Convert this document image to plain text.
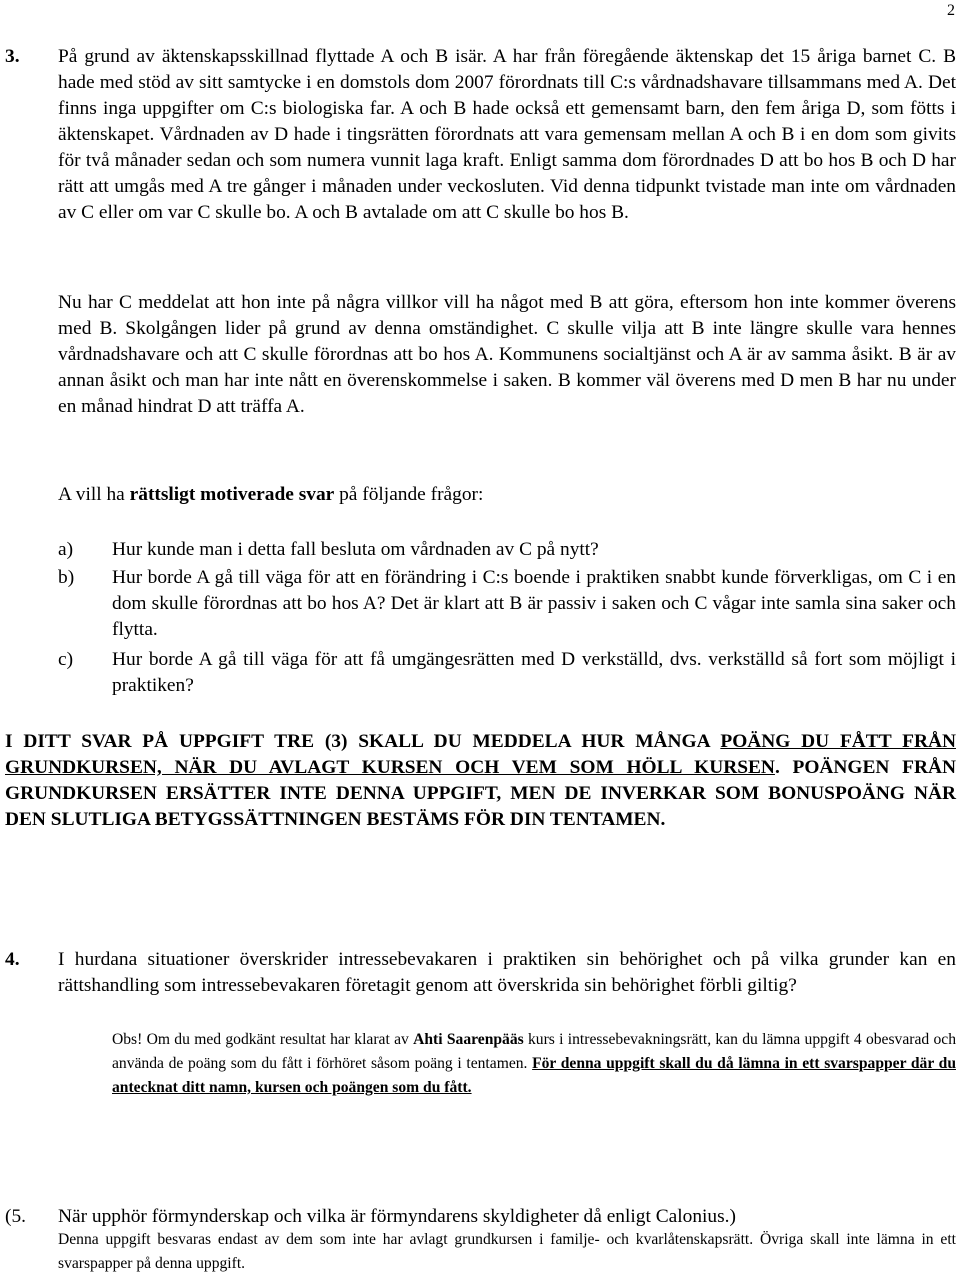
2
3. På grund av äktenskapsskillnad flyttade A och B isär. A har från föregående äktenskap det 15 åriga barnet C. B hade med stöd av sitt samtycke i en domstols dom 2007 förordnats till C:s vårdnadshavare tillsammans med A. Det finns inga uppgifter om C:s biologiska far. A och B hade också ett gemensamt barn, den fem åriga D, som fötts i äktenskapet. Vårdnaden av D hade i tingsrätten förordnats att vara gemensam mellan A och B i en dom som givits för två månader sedan och som numera vunnit laga kraft. Enligt samma dom förordnades D att bo hos B och D har rätt att umgås med A tre gånger i månaden under veckosluten. Vid denna tidpunkt tvistade man inte om vårdnaden av C eller om var C skulle bo. A och B avtalade om att C skulle bo hos B.

Nu har C meddelat att hon inte på några villkor vill ha något med B att göra, eftersom hon inte kommer överens med B. Skolgången lider på grund av denna omständighet. C skulle vilja att B inte längre skulle vara hennes vårdnadshavare och att C skulle förordnas att bo hos A. Kommunens socialtjänst och A är av samma åsikt. B är av annan åsikt och man har inte nått en överenskommelse i saken. B kommer väl överens med D men B har nu under en månad hindrat D att träffa A.

A vill ha rättsligt motiverade svar på följande frågor:

a) Hur kunde man i detta fall besluta om vårdnaden av C på nytt?

b) Hur borde A gå till väga för att en förändring i C:s boende i praktiken snabbt kunde förverkligas, om C i en dom skulle förordnas att bo hos A? Det är klart att B är passiv i saken och C vågar inte samla sina saker och flytta.

c) Hur borde A gå till väga för att få umgängesrätten med D verkställd, dvs. verkställd så fort som möjligt i praktiken?

I DITT SVAR PÅ UPPGIFT TRE (3) SKALL DU MEDDELA HUR MÅNGA POÄNG DU FÅTT FRÅN GRUNDKURSEN, NÄR DU AVLAGT KURSEN OCH VEM SOM HÖLL KURSEN. POÄNGEN FRÅN GRUNDKURSEN ERSÄTTER INTE DENNA UPPGIFT, MEN DE INVERKAR SOM BONUSPOÄNG NÄR DEN SLUTLIGA BETYGSSÄTTNINGEN BESTÄMS FÖR DIN TENTAMEN.

4. I hurdana situationer överskrider intressebevakaren i praktiken sin behörighet och på vilka grunder kan en rättshandling som intressebevakaren företagit genom att överskrida sin behörighet förbli giltig?

Obs! Om du med godkänt resultat har klarat av Ahti Saarenpääs kurs i intressebevakningsrätt, kan du lämna uppgift 4 obesvarad och använda de poäng som du fått i förhöret såsom poäng i tentamen. För denna uppgift skall du då lämna in ett svarspapper där du antecknat ditt namn, kursen och poängen som du fått.

(5. När upphör förmynderskap och vilka är förmyndarens skyldigheter då enligt Calonius.)

Denna uppgift besvaras endast av dem som inte har avlagt grundkursen i familje- och kvarlåtenskapsrätt. Övriga skall inte lämna in ett svarspapper på denna uppgift.
